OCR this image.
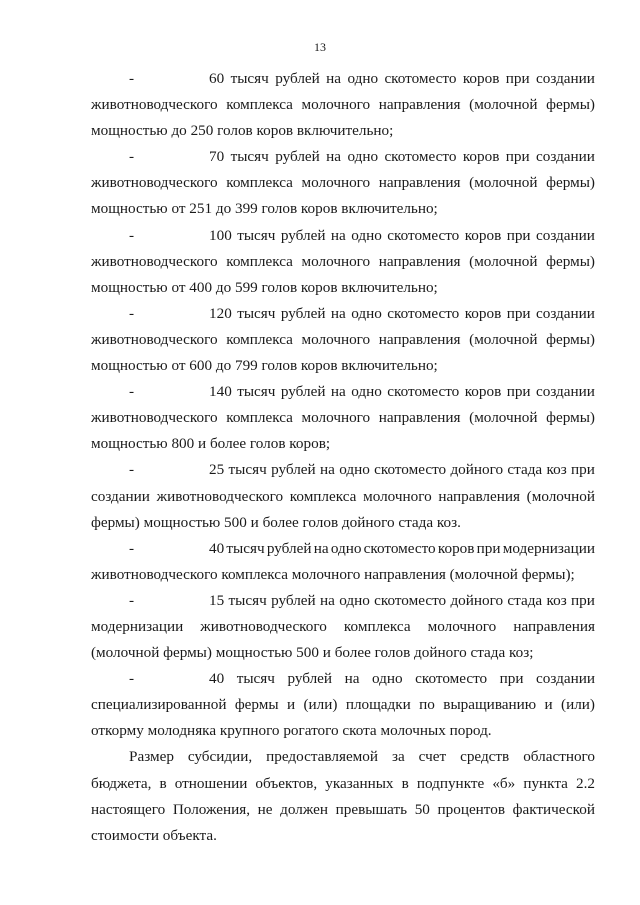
13
-	60 тысяч рублей на одно скотоместо коров при создании
животноводческого комплекса молочного направления (молочной фермы)
мощностью до 250 голов коров включительно;
-	70 тысяч рублей на одно скотоместо коров при создании
животноводческого комплекса молочного направления (молочной фермы)
мощностью от 251 до 399 голов коров включительно;
-	100 тысяч рублей на одно скотоместо коров при создании
животноводческого комплекса молочного направления (молочной фермы)
мощностью от 400 до 599 голов коров включительно;
-	120 тысяч рублей на одно скотоместо коров при создании
животноводческого комплекса молочного направления (молочной фермы)
мощностью от 600 до 799 голов коров включительно;
-	140 тысяч рублей на одно скотоместо коров при создании
животноводческого комплекса молочного направления (молочной фермы)
мощностью 800 и более голов коров;
-	25 тысяч рублей на одно скотоместо дойного стада коз при
создании животноводческого комплекса молочного направления (молочной
фермы) мощностью 500 и более голов дойного стада коз.
-	40 тысяч рублей на одно скотоместо коров при модернизации
животноводческого комплекса молочного направления (молочной фермы);
-	15 тысяч рублей на одно скотоместо дойного стада коз при
модернизации животноводческого комплекса молочного направления
(молочной фермы) мощностью 500 и более голов дойного стада коз;
-	40 тысяч рублей на одно скотоместо при создании
специализированной фермы и (или) площадки по выращиванию и (или)
откорму молодняка крупного рогатого скота молочных пород.
Размер субсидии, предоставляемой за счет средств областного
бюджета, в отношении объектов, указанных в подпункте «б» пункта 2.2
настоящего Положения, не должен превышать 50 процентов фактической
стоимости объекта.
